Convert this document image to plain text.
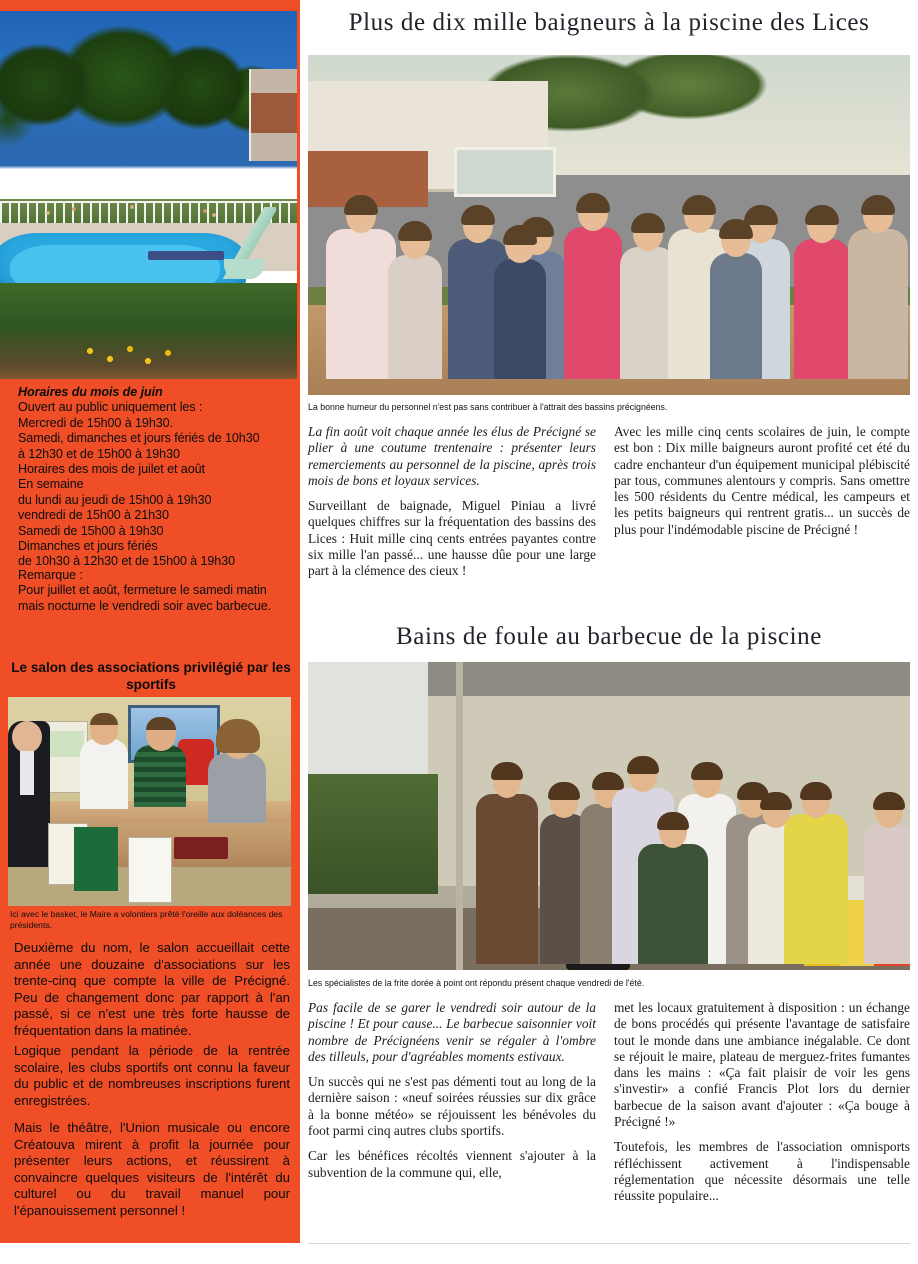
Horaires du mois de juin
Ouvert au public uniquement les :
Mercredi de 15h00 à 19h30.
Samedi, dimanches et jours fériés de 10h30
à 12h30 et de 15h00 à 19h30
Horaires des mois de juilet et août
En semaine
du lundi au jeudi de 15h00 à 19h30
vendredi de 15h00 à 21h30
Samedi de 15h00 à 19h30
Dimanches et jours fériés
de 10h30 à 12h30 et de 15h00 à 19h30
Remarque :
Pour juillet et août, fermeture le samedi matin
mais nocturne le vendredi soir avec barbecue.
Le salon des associations privilégié par les sportifs
Ici avec le basket, le Maire a volontiers prêté l'oreille aux doléances des présidents.
Deuxième du nom, le salon accueillait cette année une douzaine d'associations sur les trente-cinq que compte la ville de Précigné. Peu de changement donc par rapport à l'an passé, si ce n'est une très forte hausse de fréquentation dans la matinée.
Logique pendant la période de la rentrée scolaire, les clubs sportifs ont connu la faveur du public et de nombreuses inscriptions furent enregistrées.
Mais le théâtre, l'Union musicale ou encore Créatouva mirent à profit la journée pour présenter leurs actions, et réussirent à convaincre quelques visiteurs de l'intérêt du culturel ou du travail manuel pour l'épanouissement personnel !
Plus de dix mille baigneurs à la piscine des Lices
La bonne humeur du personnel n'est pas sans contribuer à l'attrait des bassins précignéens.

La fin août voit chaque année les élus de Précigné se plier à une coutume trentenaire : présenter leurs remerciements au personnel de la piscine, après trois mois de bons et loyaux services.

Surveillant de baignade, Miguel Piniau a livré quelques chiffres sur la fréquentation des bassins des Lices : Huit mille cinq cents entrées payantes contre six mille l'an passé... une hausse dûe pour une large part à la clémence des cieux !

Avec les mille cinq cents scolaires de juin, le compte est bon : Dix mille baigneurs auront profité cet été du cadre enchanteur d'un équipement municipal plébiscité par tous, communes alentours y compris. Sans omettre les 500 résidents du Centre médical, les campeurs et les petits baigneurs qui rentrent gratis... un succès de plus pour l'indémodable piscine de Précigné !

Bains de foule au barbecue de la piscine
Les spécialistes de la frite dorée à point ont répondu présent chaque vendredi de l'été.

Pas facile de se garer le vendredi soir autour de la piscine ! Et pour cause... Le barbecue saisonnier voit nombre de Précignéens venir se régaler à l'ombre des tilleuls, pour d'agréables moments estivaux.

Un succès qui ne s'est pas démenti tout au long de la dernière saison : «neuf soirées réussies sur dix grâce à la bonne météo» se réjouissent les bénévoles du foot parmi cinq autres clubs sportifs.

Car les bénéfices récoltés viennent s'ajouter à la subvention de la commune qui, elle,

met les locaux gratuitement à disposition : un échange de bons procédés qui présente l'avantage de satisfaire tout le monde dans une ambiance inégalable. Ce dont se réjouit le maire, plateau de merguez-frites fumantes dans les mains : «Ça fait plaisir de voir les gens s'investir» a confié Francis Plot lors du dernier barbecue de la saison avant d'ajouter : «Ça bouge à Précigné !»

Toutefois, les membres de l'association omnisports réfléchissent activement à l'indispensable réglementation que nécessite désormais une telle réussite populaire...
